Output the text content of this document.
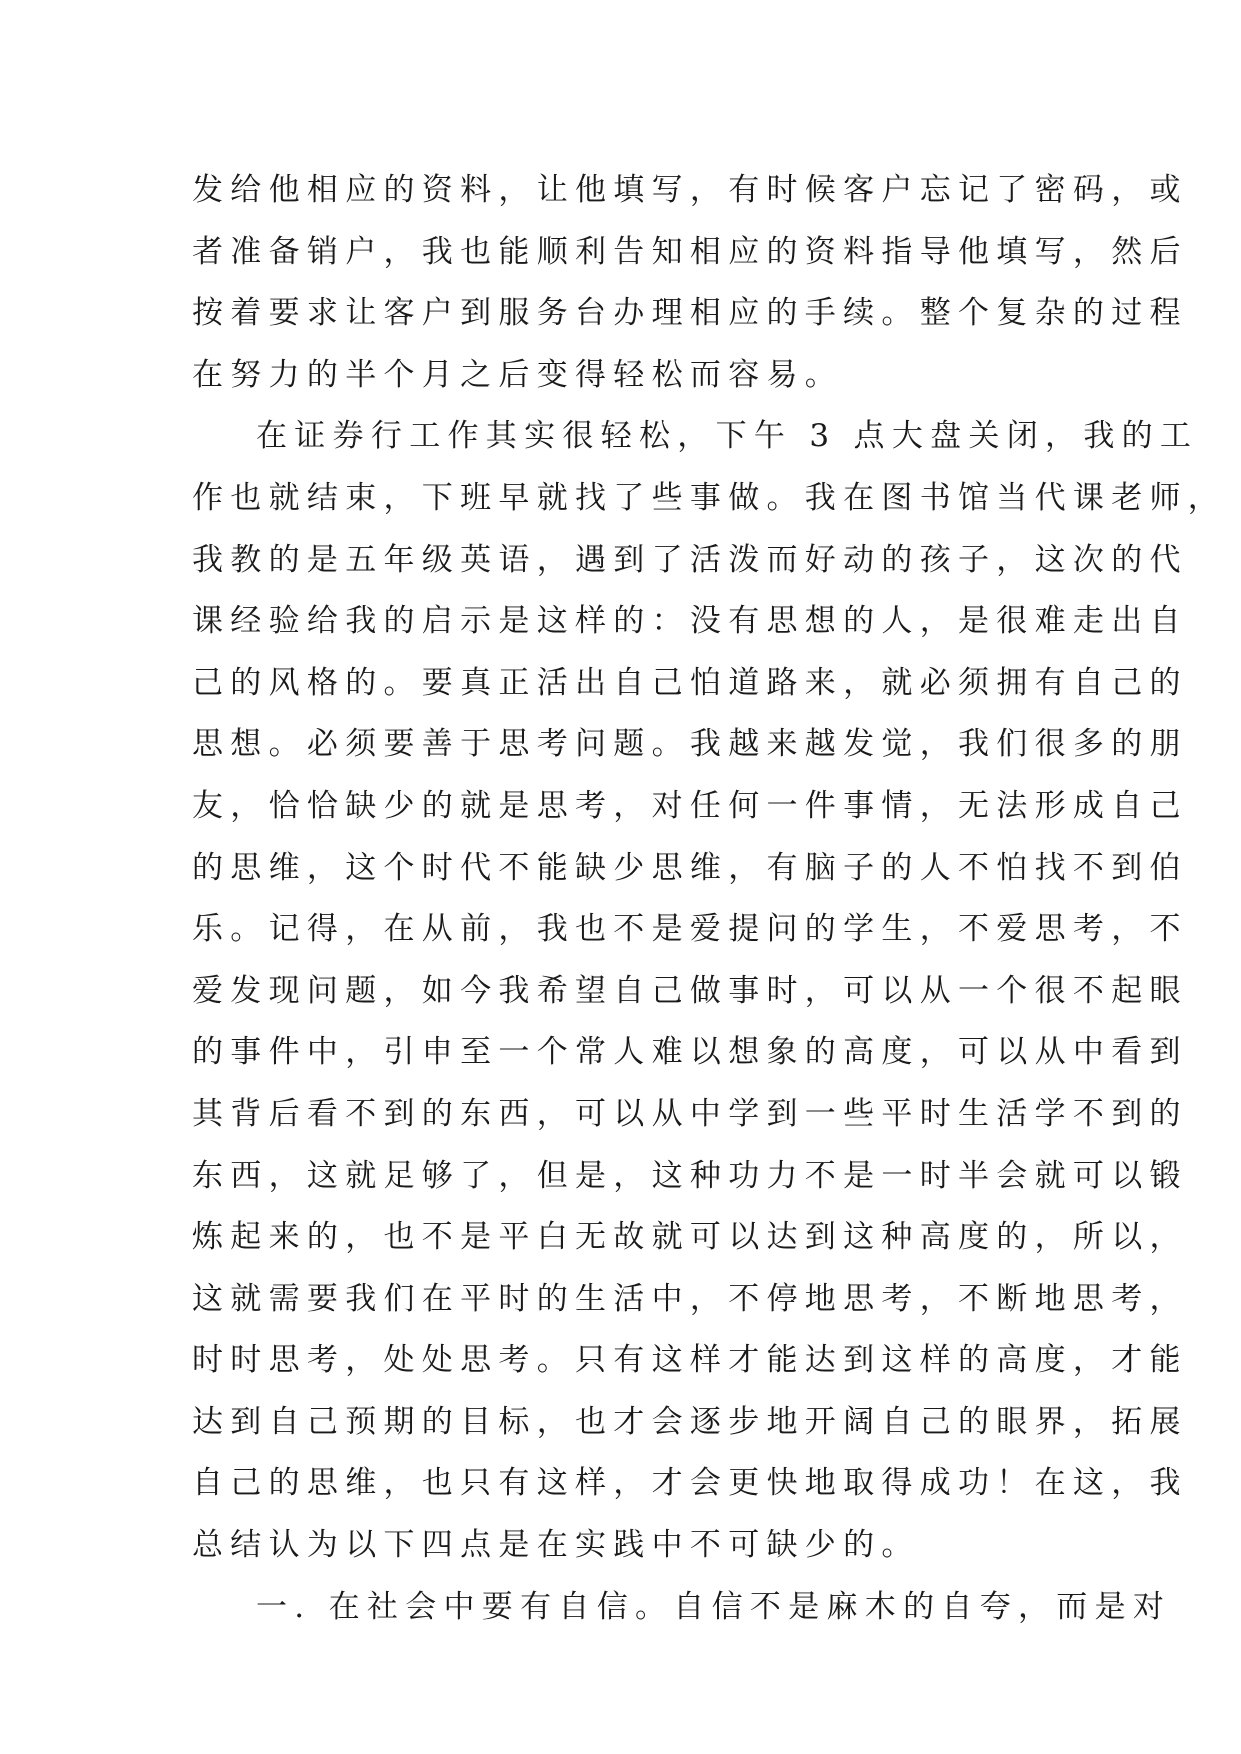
发给他相应的资料，让他填写，有时候客户忘记了密码，或
者准备销户，我也能顺利告知相应的资料指导他填写，然后
按着要求让客户到服务台办理相应的手续。整个复杂的过程
在努力的半个月之后变得轻松而容易。
在证券行工作其实很轻松，下午 3 点大盘关闭，我的工
作也就结束，下班早就找了些事做。我在图书馆当代课老师，
我教的是五年级英语，遇到了活泼而好动的孩子，这次的代
课经验给我的启示是这样的：没有思想的人，是很难走出自
己的风格的。要真正活出自己怕道路来，就必须拥有自己的
思想。必须要善于思考问题。我越来越发觉，我们很多的朋
友，恰恰缺少的就是思考，对任何一件事情，无法形成自己
的思维，这个时代不能缺少思维，有脑子的人不怕找不到伯
乐。记得，在从前，我也不是爱提问的学生，不爱思考，不
爱发现问题，如今我希望自己做事时，可以从一个很不起眼
的事件中，引申至一个常人难以想象的高度，可以从中看到
其背后看不到的东西，可以从中学到一些平时生活学不到的
东西，这就足够了，但是，这种功力不是一时半会就可以锻
炼起来的，也不是平白无故就可以达到这种高度的，所以，
这就需要我们在平时的生活中，不停地思考，不断地思考，
时时思考，处处思考。只有这样才能达到这样的高度，才能
达到自己预期的目标，也才会逐步地开阔自己的眼界，拓展
自己的思维，也只有这样，才会更快地取得成功！在这，我
总结认为以下四点是在实践中不可缺少的。
一. 在社会中要有自信。自信不是麻木的自夸，而是对
